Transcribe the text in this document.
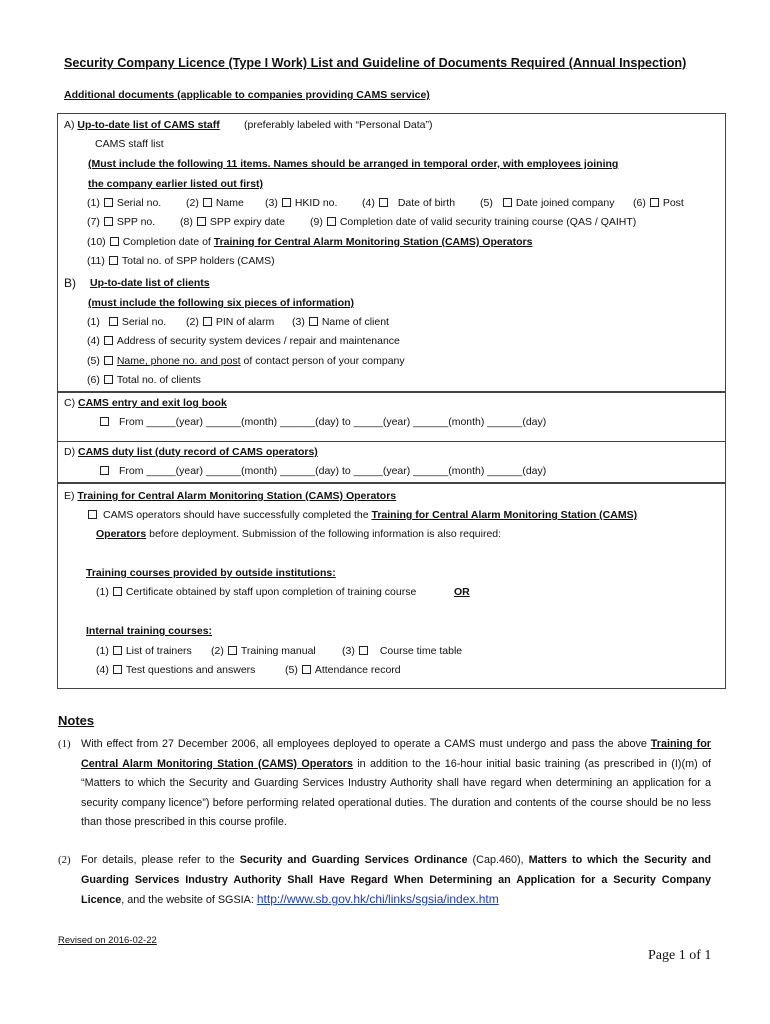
Security Company Licence (Type I Work) List and Guideline of Documents Required (Annual Inspection)
Additional documents (applicable to companies providing CAMS service)
A) Up-to-date list of CAMS staff (preferably labeled with “Personal Data”)
CAMS staff list
(Must include the following 11 items. Names should be arranged in temporal order, with employees joining
the company earlier listed out first)
(1) Serial no. (2) Name (3) HKID no. (4) Date of birth (5) Date joined company (6) Post
(7) SPP no. (8) SPP expiry date (9) Completion date of valid security training course (QAS / QAIHT)
(10) Completion date of Training for Central Alarm Monitoring Station (CAMS) Operators
(11) Total no. of SPP holders (CAMS)
B) Up-to-date list of clients
(must include the following six pieces of information)
(1) Serial no. (2) PIN of alarm (3) Name of client
(4) Address of security system devices / repair and maintenance
(5) Name, phone no. and post of contact person of your company
(6) Total no. of clients
C) CAMS entry and exit log book
From _____(year) ______(month) ______(day) to _____(year) ______(month) ______(day)
D) CAMS duty list (duty record of CAMS operators)
From _____(year) ______(month) ______(day) to _____(year) ______(month) ______(day)
E) Training for Central Alarm Monitoring Station (CAMS) Operators
CAMS operators should have successfully completed the Training for Central Alarm Monitoring Station (CAMS)
Operators before deployment. Submission of the following information is also required:
Training courses provided by outside institutions:
(1) Certificate obtained by staff upon completion of training course	OR
Internal training courses:
(1) List of trainers (2) Training manual	(3) Course time table
(4) Test questions and answers	(5) Attendance record
Notes
(1) With effect from 27 December 2006, all employees deployed to operate a CAMS must undergo and pass the above Training for Central Alarm Monitoring Station (CAMS) Operators in addition to the 16-hour initial basic training (as prescribed in (I)(m) of “Matters to which the Security and Guarding Services Industry Authority shall have regard when determining an application for a security company licence”) before performing related operational duties. The duration and contents of the course should be no less than those prescribed in this course profile.
(2) For details, please refer to the Security and Guarding Services Ordinance (Cap.460), Matters to which the Security and Guarding Services Industry Authority Shall Have Regard When Determining an Application for a Security Company Licence, and the website of SGSIA: http://www.sb.gov.hk/chi/links/sgsia/index.htm
Revised on 2016-02-22
Page 1 of 1
